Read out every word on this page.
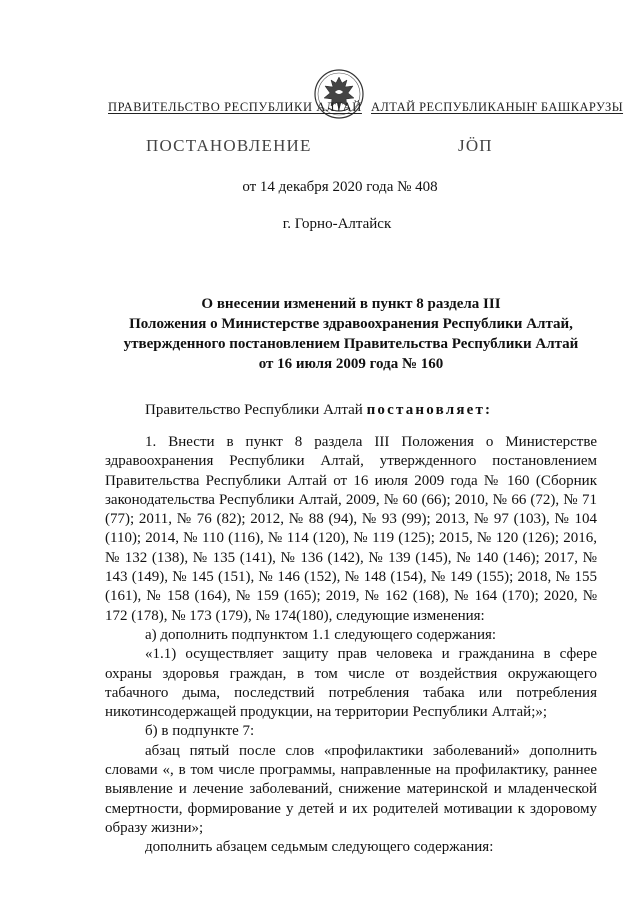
ПРАВИТЕЛЬСТВО РЕСПУБЛИКИ АЛТАЙ АЛТАЙ РЕСПУБЛИКАНЫҤ БАШКАРУЗЫ
ПОСТАНОВЛЕНИЕ	ЈӦП
от 14 декабря 2020 года № 408
г. Горно-Алтайск
О внесении изменений в пункт 8 раздела III
Положения о Министерстве здравоохранения Республики Алтай,
утвержденного постановлением Правительства Республики Алтай
от 16 июля 2009 года № 160
Правительство Республики Алтай постановляет:

1. Внести в пункт 8 раздела III Положения о Министерстве здравоохранения Республики Алтай, утвержденного постановлением Правительства Республики Алтай от 16 июля 2009 года № 160 (Сборник законодательства Республики Алтай, 2009, № 60 (66); 2010, № 66 (72), № 71 (77); 2011, № 76 (82); 2012, № 88 (94), № 93 (99); 2013, № 97 (103), № 104 (110); 2014, № 110 (116), № 114 (120), № 119 (125); 2015, № 120 (126); 2016, № 132 (138), № 135 (141), № 136 (142), № 139 (145), № 140 (146); 2017, № 143 (149), № 145 (151), № 146 (152), № 148 (154), № 149 (155); 2018, № 155 (161), № 158 (164), № 159 (165); 2019, № 162 (168), № 164 (170); 2020, № 172 (178), № 173 (179), № 174(180), следующие изменения:

а) дополнить подпунктом 1.1 следующего содержания:

«1.1) осуществляет защиту прав человека и гражданина в сфере охраны здоровья граждан, в том числе от воздействия окружающего табачного дыма, последствий потребления табака или потребления никотинсодержащей продукции, на территории Республики Алтай;»;

б) в подпункте 7:

абзац пятый после слов «профилактики заболеваний» дополнить словами «, в том числе программы, направленные на профилактику, раннее выявление и лечение заболеваний, снижение материнской и младенческой смертности, формирование у детей и их родителей мотивации к здоровому образу жизни»;

дополнить абзацем седьмым следующего содержания:
